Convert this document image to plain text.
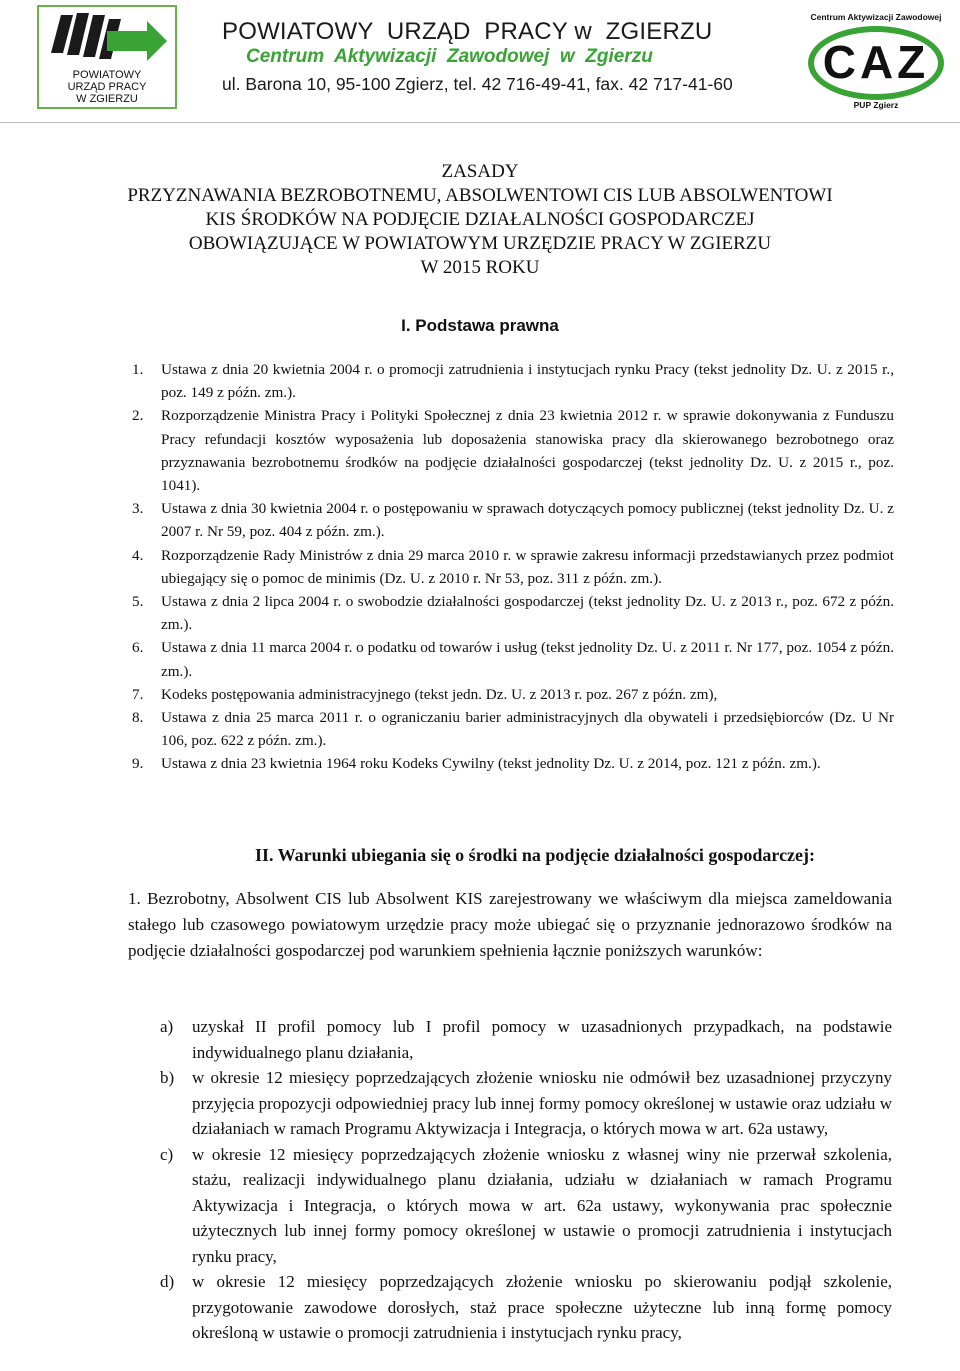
POWIATOWY
URZĄD PRACY
W ZGIERZU
POWIATOWY  URZĄD  PRACY w  ZGIERZU
Centrum  Aktywizacji  Zawodowej  w  Zgierzu
ul. Barona 10, 95-100 Zgierz, tel. 42 716-49-41, fax. 42 717-41-60
Centrum Aktywizacji Zawodowej
CAZ
PUP Zgierz
ZASADY
PRZYZNAWANIA BEZROBOTNEMU, ABSOLWENTOWI CIS LUB ABSOLWENTOWI
KIS ŚRODKÓW NA PODJĘCIE DZIAŁALNOŚCI GOSPODARCZEJ
OBOWIĄZUJĄCE W POWIATOWYM URZĘDZIE PRACY W ZGIERZU
W 2015 ROKU
I. Podstawa prawna
1. Ustawa z dnia 20 kwietnia 2004 r. o promocji zatrudnienia i instytucjach rynku Pracy (tekst jednolity Dz. U. z 2015 r., poz. 149 z późn. zm.).
2. Rozporządzenie Ministra Pracy i Polityki Społecznej z dnia 23 kwietnia 2012 r. w sprawie dokonywania z Funduszu Pracy refundacji kosztów wyposażenia lub doposażenia stanowiska pracy dla skierowanego bezrobotnego oraz przyznawania bezrobotnemu środków na podjęcie działalności gospodarczej (tekst jednolity Dz. U. z 2015 r., poz. 1041).
3. Ustawa z dnia 30 kwietnia 2004 r. o postępowaniu w sprawach dotyczących pomocy publicznej (tekst jednolity Dz. U. z 2007 r. Nr 59, poz. 404 z późn. zm.).
4. Rozporządzenie Rady Ministrów z dnia 29 marca 2010 r. w sprawie zakresu informacji przedstawianych przez podmiot ubiegający się o pomoc de minimis (Dz. U. z 2010 r. Nr 53, poz. 311 z późn. zm.).
5. Ustawa z dnia 2 lipca 2004 r. o swobodzie działalności gospodarczej (tekst jednolity Dz. U. z 2013 r., poz. 672 z późn. zm.).
6. Ustawa z dnia 11 marca 2004 r. o podatku od towarów i usług (tekst jednolity Dz. U. z 2011 r. Nr 177, poz. 1054 z późn. zm.).
7. Kodeks postępowania administracyjnego (tekst jedn. Dz. U. z 2013 r. poz. 267 z późn. zm),
8. Ustawa z dnia 25 marca 2011 r. o ograniczaniu barier administracyjnych dla obywateli i przedsiębiorców (Dz. U Nr 106, poz. 622 z późn. zm.).
9. Ustawa z dnia 23 kwietnia 1964 roku Kodeks Cywilny (tekst jednolity Dz. U. z 2014, poz. 121 z późn. zm.).
II. Warunki ubiegania się o środki na podjęcie działalności gospodarczej:
1. Bezrobotny, Absolwent CIS lub Absolwent KIS zarejestrowany we właściwym dla miejsca zameldowania stałego lub czasowego powiatowym urzędzie pracy może ubiegać się o przyznanie jednorazowo środków na podjęcie działalności gospodarczej pod warunkiem spełnienia łącznie poniższych warunków:
a) uzyskał II profil pomocy lub I profil pomocy w uzasadnionych przypadkach, na podstawie indywidualnego planu działania,
b) w okresie 12 miesięcy poprzedzających złożenie wniosku nie odmówił bez uzasadnionej przyczyny przyjęcia propozycji odpowiedniej pracy lub innej formy pomocy określonej w ustawie oraz udziału w działaniach w ramach Programu Aktywizacja i Integracja, o których mowa w art. 62a ustawy,
c) w okresie 12 miesięcy poprzedzających złożenie wniosku z własnej winy nie przerwał szkolenia, stażu, realizacji indywidualnego planu działania, udziału w działaniach w ramach Programu Aktywizacja i Integracja, o których mowa w art. 62a ustawy, wykonywania prac społecznie użytecznych lub innej formy pomocy określonej w ustawie o promocji zatrudnienia i instytucjach rynku pracy,
d) w okresie 12 miesięcy poprzedzających złożenie wniosku po skierowaniu podjął szkolenie, przygotowanie zawodowe dorosłych, staż prace społeczne użyteczne lub inną formę pomocy określoną w ustawie o promocji zatrudnienia i instytucjach rynku pracy,
